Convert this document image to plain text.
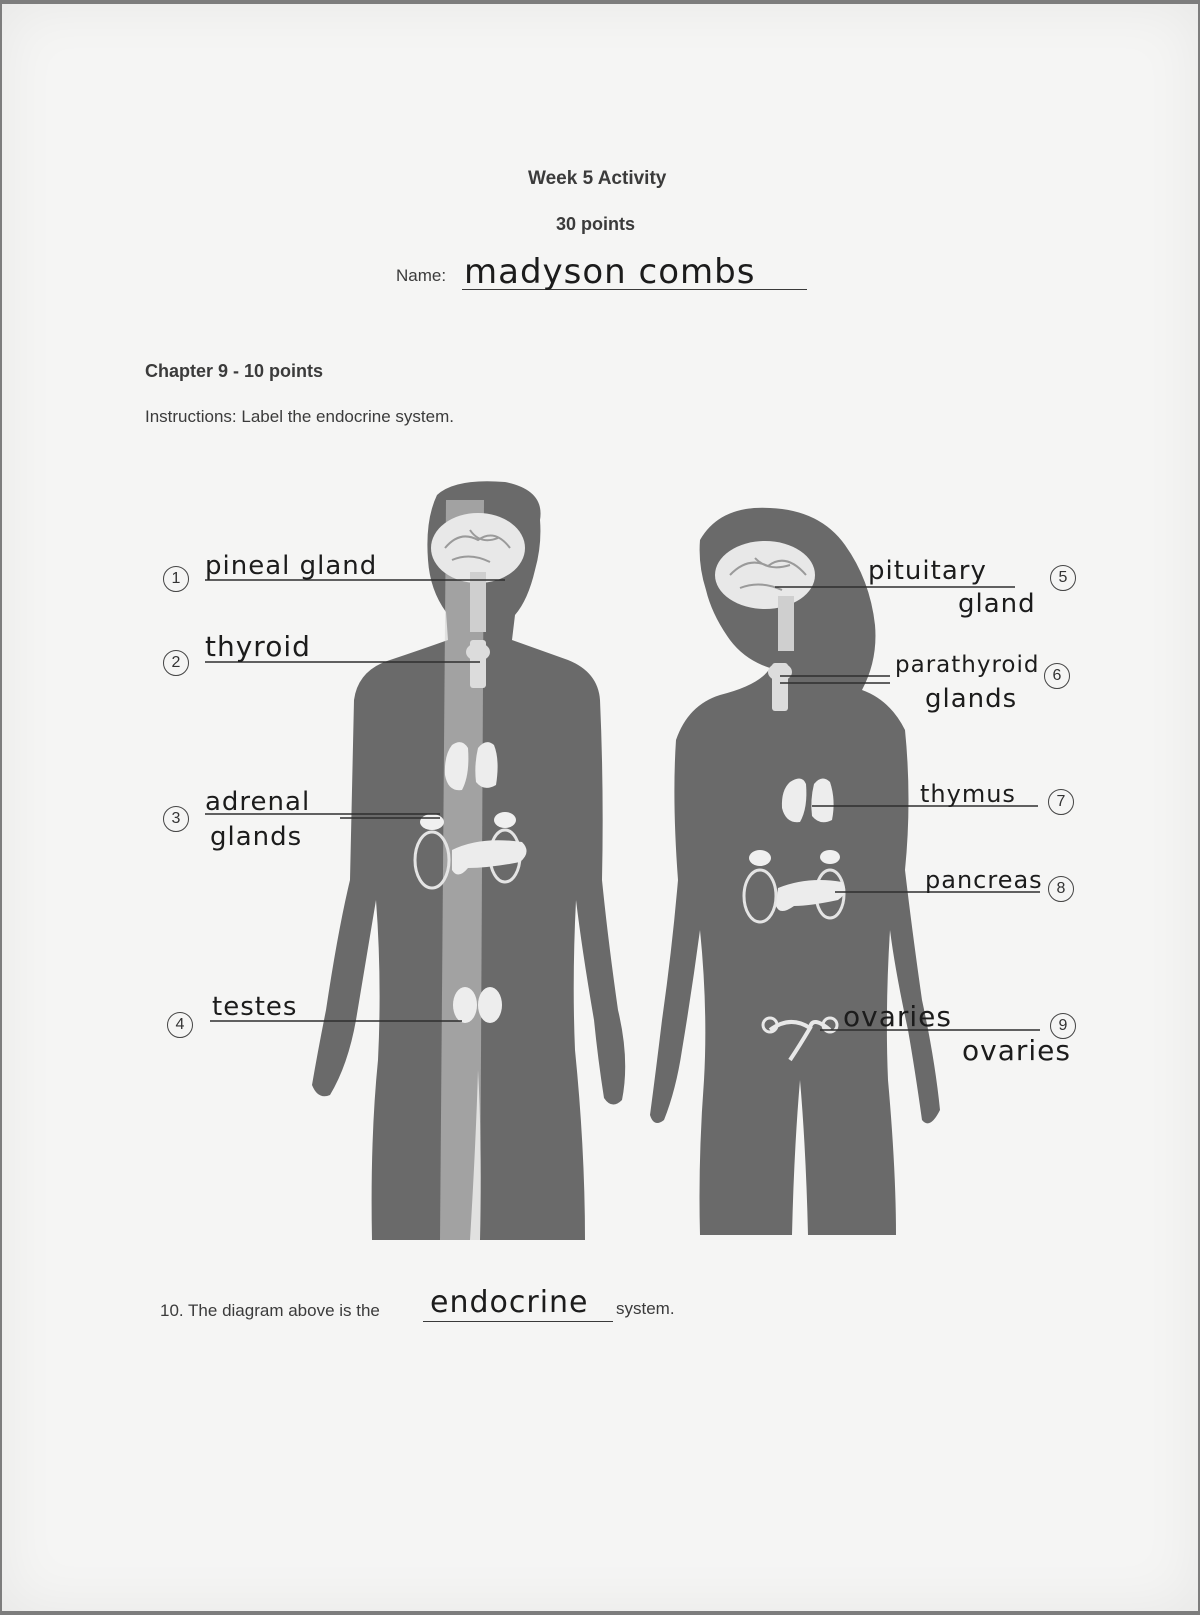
Week 5 Activity
30 points
Name: madyson combs
Chapter 9 - 10 points
Instructions: Label the endocrine system.
1 pineal gland
2 thyroid
3
adrenal
glands
4
testes
pituitary	5
gland
parathyroid 6
glands
thymus	7
pancreas 8
ovaries	9
ovaries
10. The diagram above is the endocrine system.
